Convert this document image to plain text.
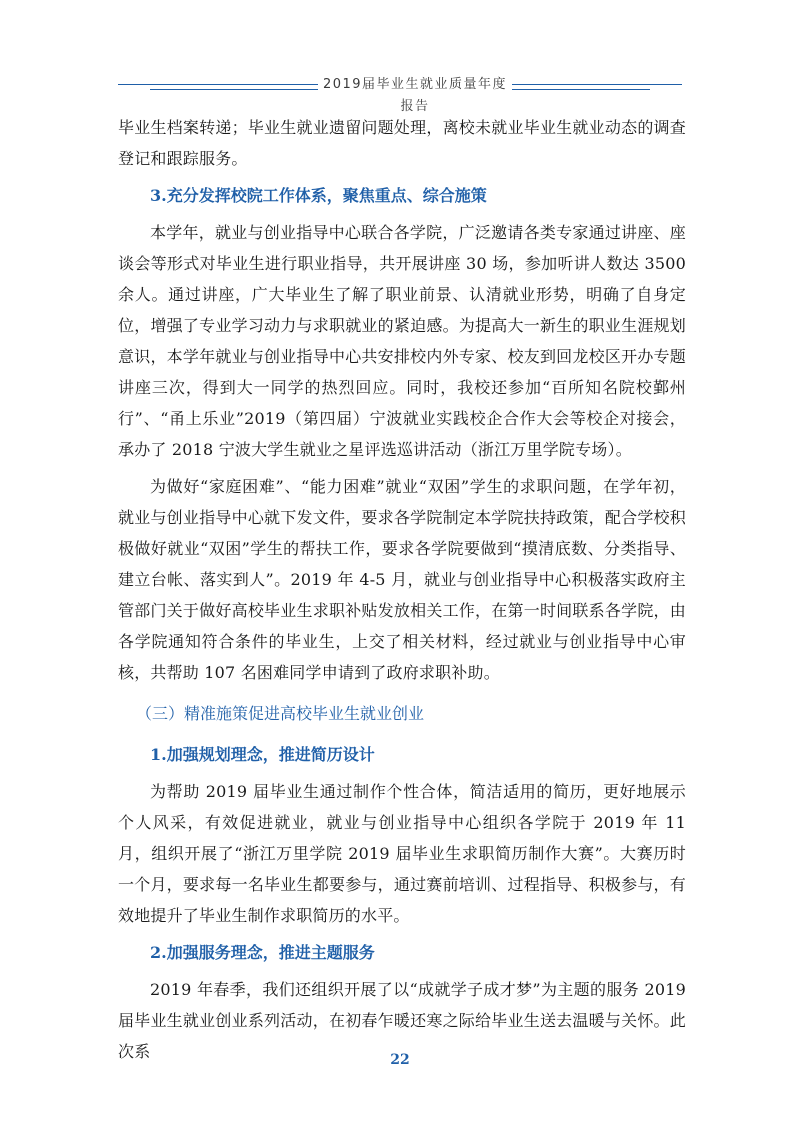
2019届毕业生就业质量年度报告

毕业生档案转递；毕业生就业遗留问题处理，离校未就业毕业生就业动态的调查登记和跟踪服务。

3.充分发挥校院工作体系，聚焦重点、综合施策

本学年，就业与创业指导中心联合各学院，广泛邀请各类专家通过讲座、座谈会等形式对毕业生进行职业指导，共开展讲座 30 场，参加听讲人数达 3500 余人。通过讲座，广大毕业生了解了职业前景、认清就业形势，明确了自身定位，增强了专业学习动力与求职就业的紧迫感。为提高大一新生的职业生涯规划意识，本学年就业与创业指导中心共安排校内外专家、校友到回龙校区开办专题讲座三次，得到大一同学的热烈回应。同时，我校还参加“百所知名院校鄞州行”、“甬上乐业”2019（第四届）宁波就业实践校企合作大会等校企对接会，承办了 2018 宁波大学生就业之星评选巡讲活动（浙江万里学院专场）。

为做好“家庭困难”、“能力困难”就业“双困”学生的求职问题，在学年初，就业与创业指导中心就下发文件，要求各学院制定本学院扶持政策，配合学校积极做好就业“双困”学生的帮扶工作，要求各学院要做到“摸清底数、分类指导、建立台帐、落实到人”。2019 年 4-5 月，就业与创业指导中心积极落实政府主管部门关于做好高校毕业生求职补贴发放相关工作，在第一时间联系各学院，由各学院通知符合条件的毕业生，上交了相关材料，经过就业与创业指导中心审核，共帮助 107 名困难同学申请到了政府求职补助。

（三）精准施策促进高校毕业生就业创业

1.加强规划理念，推进简历设计

为帮助 2019 届毕业生通过制作个性合体，简洁适用的简历，更好地展示个人风采，有效促进就业，就业与创业指导中心组织各学院于 2019 年 11 月，组织开展了“浙江万里学院 2019 届毕业生求职简历制作大赛”。大赛历时一个月，要求每一名毕业生都要参与，通过赛前培训、过程指导、积极参与，有效地提升了毕业生制作求职简历的水平。

2.加强服务理念，推进主题服务

2019 年春季，我们还组织开展了以“成就学子成才梦”为主题的服务 2019 届毕业生就业创业系列活动，在初春乍暖还寒之际给毕业生送去温暖与关怀。此次系	22
